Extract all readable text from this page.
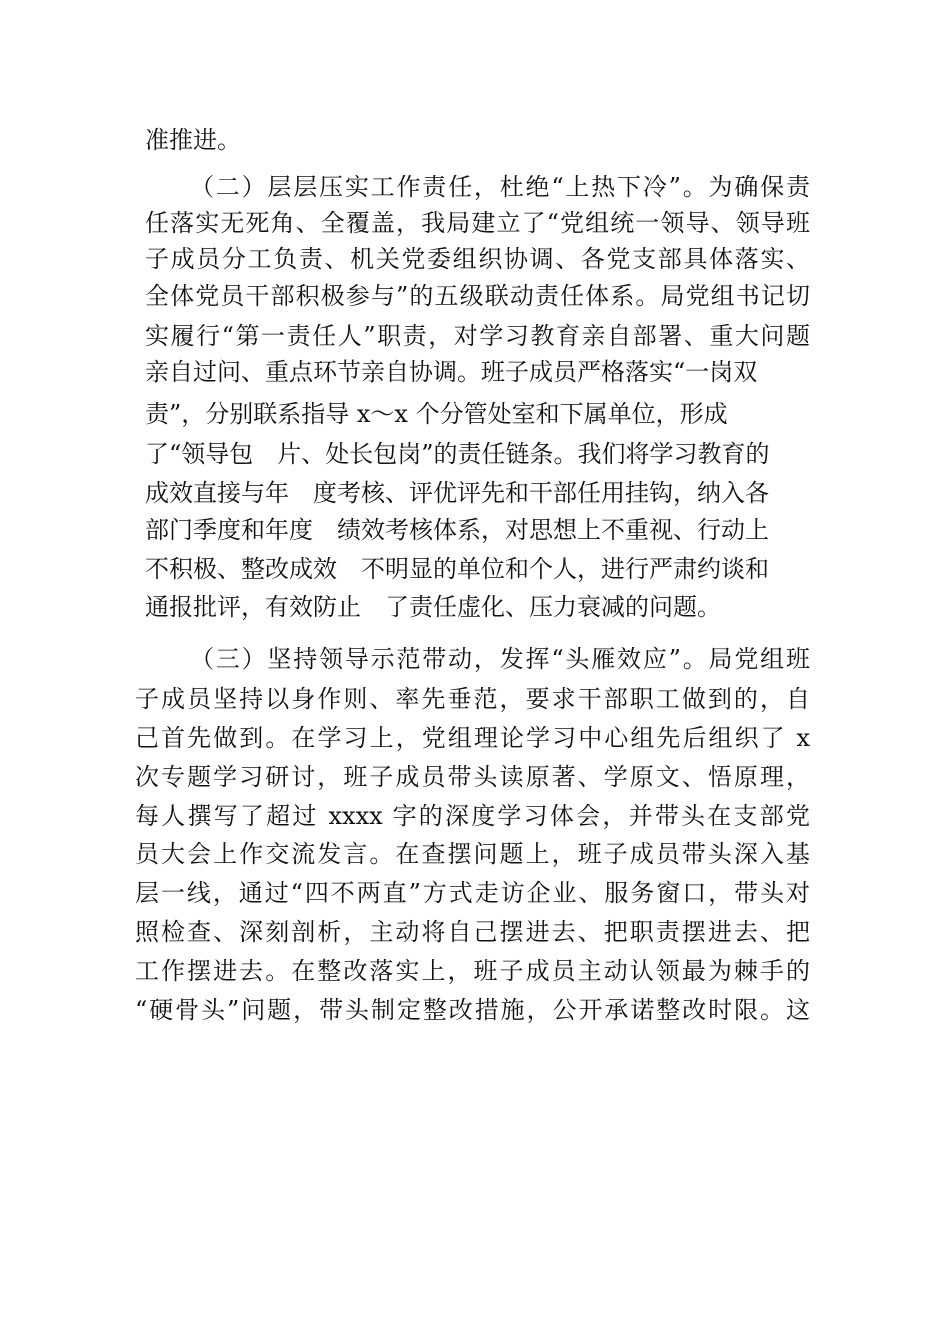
准推进。

（二）层层压实工作责任，杜绝“上热下冷”。为确保责

任落实无死角、全覆盖，我局建立了“党组统一领导、领导班

子成员分工负责、机关党委组织协调、各党支部具体落实、

全体党员干部积极参与”的五级联动责任体系。局党组书记切

实履行“第一责任人”职责，对学习教育亲自部署、重大问题

亲自过问、重点环节亲自协调。班子成员严格落实“一岗双

责”，分别联系指导 x～x 个分管处室和下属单位，形成

了“领导包　片、处长包岗”的责任链条。我们将学习教育的

成效直接与年　度考核、评优评先和干部任用挂钩，纳入各

部门季度和年度　绩效考核体系，对思想上不重视、行动上

不积极、整改成效　不明显的单位和个人，进行严肃约谈和

通报批评，有效防止　了责任虚化、压力衰减的问题。

（三）坚持领导示范带动，发挥“头雁效应”。局党组班

子成员坚持以身作则、率先垂范，要求干部职工做到的，自

己首先做到。在学习上，党组理论学习中心组先后组织了 x

次专题学习研讨，班子成员带头读原著、学原文、悟原理，

每人撰写了超过 xxxx 字的深度学习体会，并带头在支部党

员大会上作交流发言。在查摆问题上，班子成员带头深入基

层一线，通过“四不两直”方式走访企业、服务窗口，带头对

照检查、深刻剖析，主动将自己摆进去、把职责摆进去、把

工作摆进去。在整改落实上，班子成员主动认领最为棘手的

“硬骨头”问题，带头制定整改措施，公开承诺整改时限。这
